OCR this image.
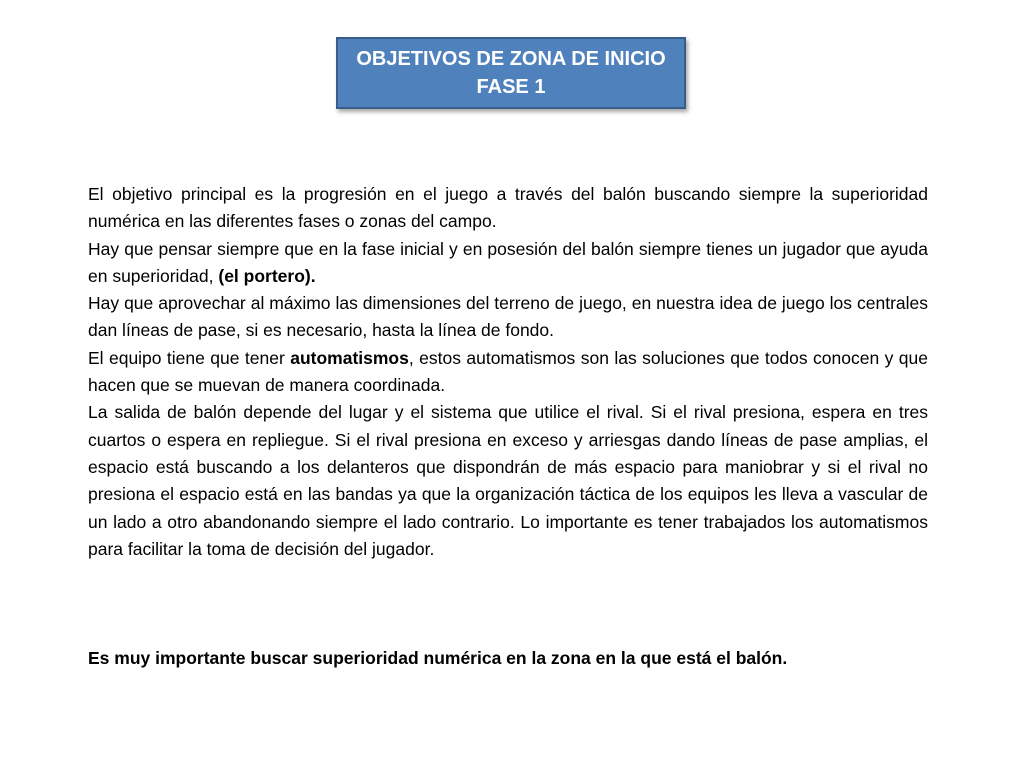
OBJETIVOS DE ZONA DE INICIO
FASE 1

El objetivo principal es la progresión en el juego a través del balón buscando siempre la superioridad numérica en las diferentes fases o zonas del campo.

Hay que pensar siempre que en la fase inicial y en posesión del balón siempre tienes un jugador que ayuda en superioridad, (el portero).

Hay que aprovechar al máximo las dimensiones del terreno de juego, en nuestra idea de juego los centrales dan líneas de pase, si es necesario, hasta la línea de fondo.

El equipo tiene que tener automatismos, estos automatismos son las soluciones que todos conocen y que hacen que se muevan de manera coordinada.

La salida de balón depende del lugar y el sistema que utilice el rival. Si el rival presiona, espera en tres cuartos o espera en repliegue. Si el rival presiona en exceso y arriesgas dando líneas de pase amplias, el espacio está buscando a los delanteros que dispondrán de más espacio para maniobrar y si el rival no presiona el espacio está en las bandas ya que la organización táctica de los equipos les lleva a vascular de un lado a otro abandonando siempre el lado contrario. Lo importante es tener trabajados los automatismos para facilitar la toma de decisión del jugador.

Es muy importante buscar superioridad numérica en la zona en la que está el balón.
